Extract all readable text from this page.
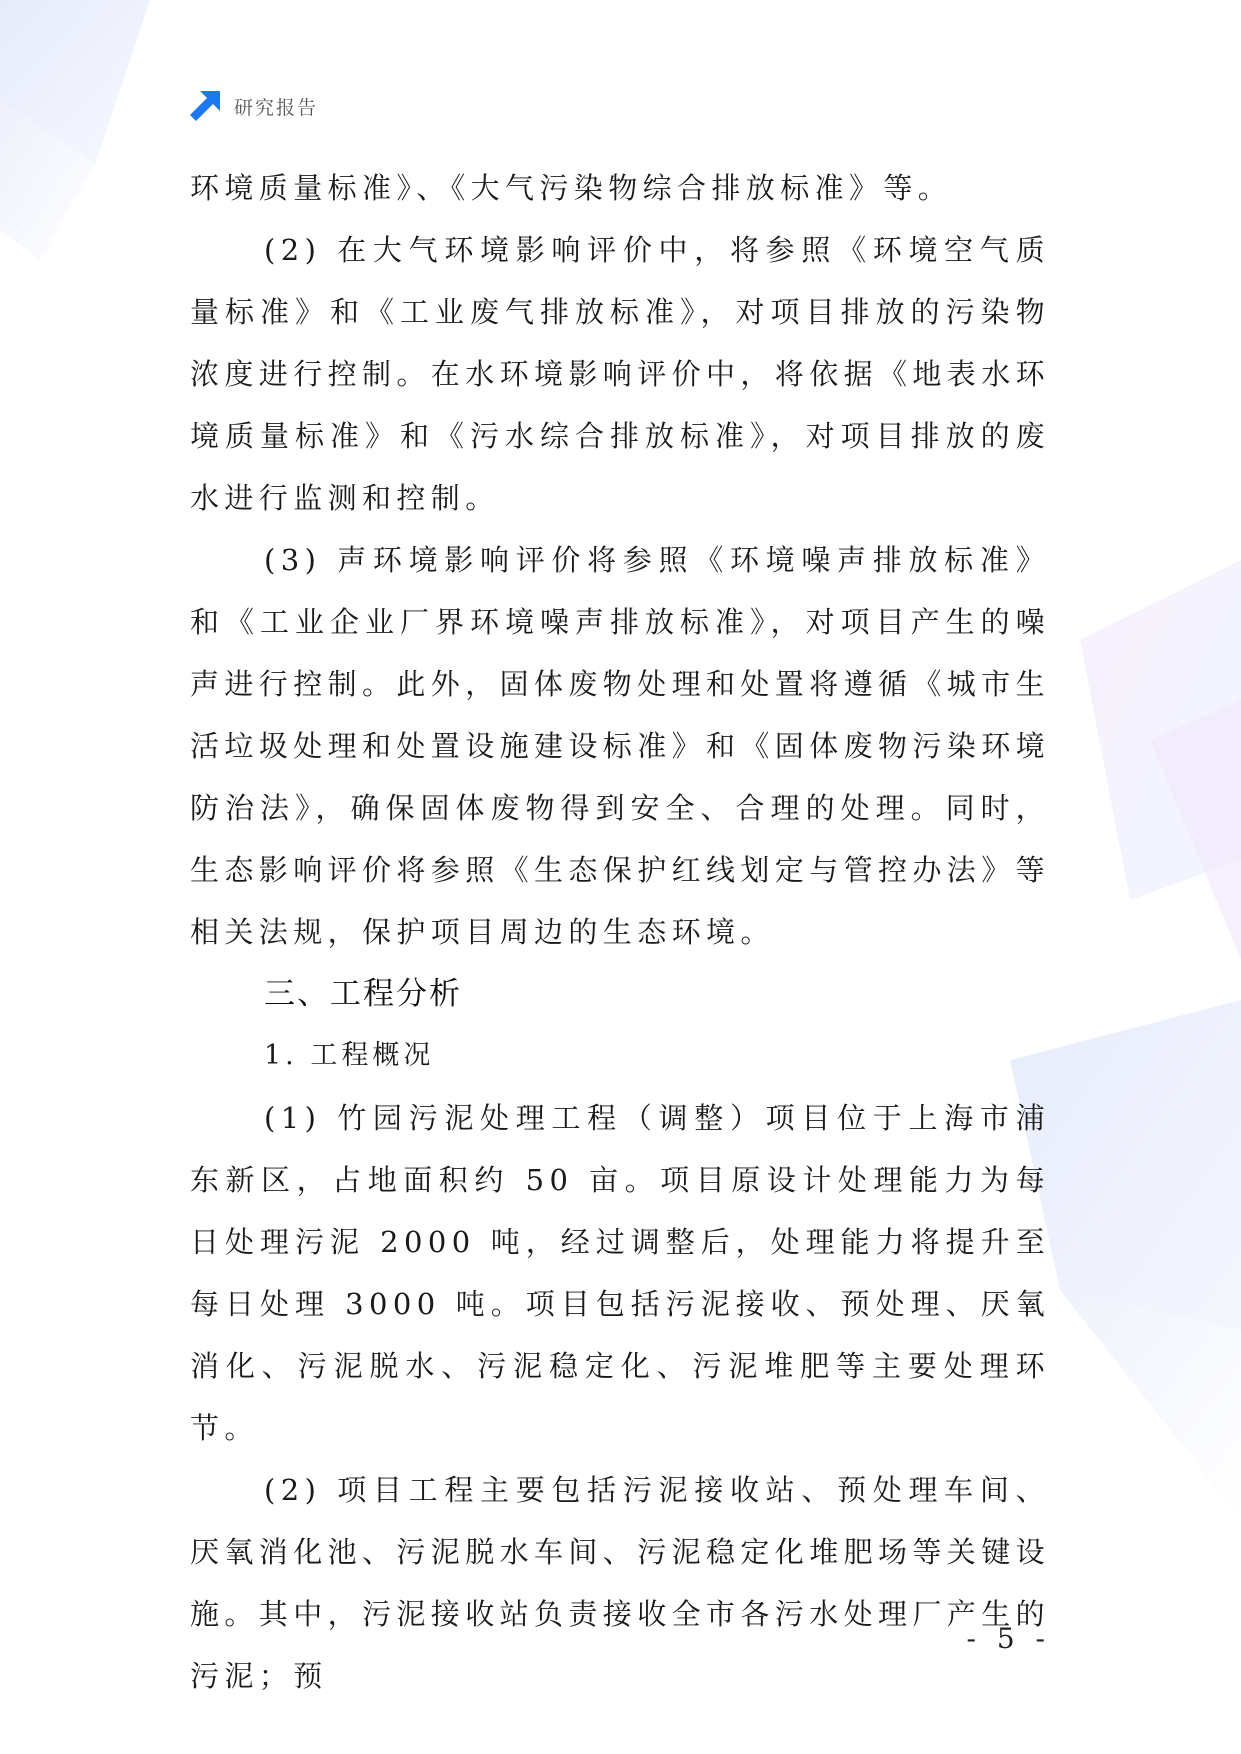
研究报告

环境质量标准》、《大气污染物综合排放标准》等。

(2) 在大气环境影响评价中，将参照《环境空气质量标准》和《工业废气排放标准》，对项目排放的污染物浓度进行控制。在水环境影响评价中，将依据《地表水环境质量标准》和《污水综合排放标准》，对项目排放的废水进行监测和控制。

(3) 声环境影响评价将参照《环境噪声排放标准》和《工业企业厂界环境噪声排放标准》，对项目产生的噪声进行控制。此外，固体废物处理和处置将遵循《城市生活垃圾处理和处置设施建设标准》和《固体废物污染环境防治法》，确保固体废物得到安全、合理的处理。同时，生态影响评价将参照《生态保护红线划定与管控办法》等相关法规，保护项目周边的生态环境。

三、工程分析

1. 工程概况

(1) 竹园污泥处理工程（调整）项目位于上海市浦东新区，占地面积约 50 亩。项目原设计处理能力为每日处理污泥 2000 吨，经过调整后，处理能力将提升至每日处理 3000 吨。项目包括污泥接收、预处理、厌氧消化、污泥脱水、污泥稳定化、污泥堆肥等主要处理环节。

(2) 项目工程主要包括污泥接收站、预处理车间、厌氧消化池、污泥脱水车间、污泥稳定化堆肥场等关键设施。其中，污泥接收站负责接收全市各污水处理厂产生的污泥；预

- 5 -
